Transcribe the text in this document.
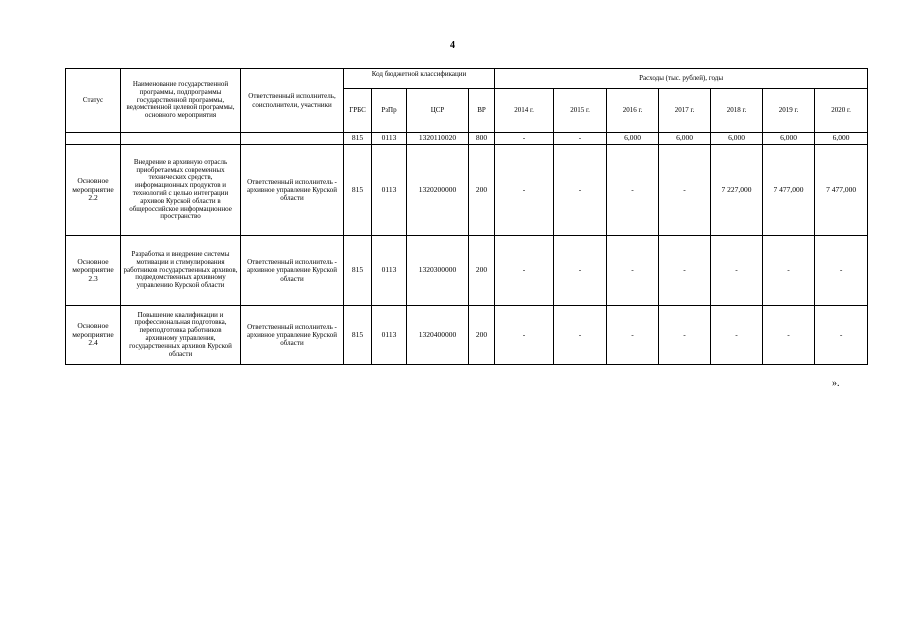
4
Статус	Наименование государственной программы, подпрограммы государственной программы, ведомственной целевой программы, основного мероприятия	Ответственный исполнитель, соисполнители, участники	Код бюджетной классификации				Расходы (тыс. рублей), годы						
			ГРБС	РзПр	ЦСР	ВР	2014 г.	2015 г.	2016 г.	2017 г.	2018 г.	2019 г.	2020 г.
			815	0113	1320110020	800	-	-	6,000	6,000	6,000	6,000	6,000
Основное мероприятие 2.2	Внедрение в архивную отрасль приобретаемых современных технических средств, информационных продуктов и технологий с целью интеграции архивов Курской области в общероссийское информационное пространство	Ответственный исполнитель - архивное управление Курской области	815	0113	1320200000	200	-	-	-	-	7 227,000	7 477,000	7 477,000
Основное мероприятие 2.3	Разработка и внедрение системы мотивации и стимулирования работников государственных архивов, подведомственных архивному управлению Курской области	Ответственный исполнитель - архивное управление Курской области	815	0113	1320300000	200	-	-	-	-	-	-	-
Основное мероприятие 2.4	Повышение квалификации и профессиональная подготовка, переподготовка работников архивному управления, государственных архивов Курской области	Ответственный исполнитель - архивное управление Курской области	815	0113	1320400000	200	-	-	-	-	-	-	-
».
